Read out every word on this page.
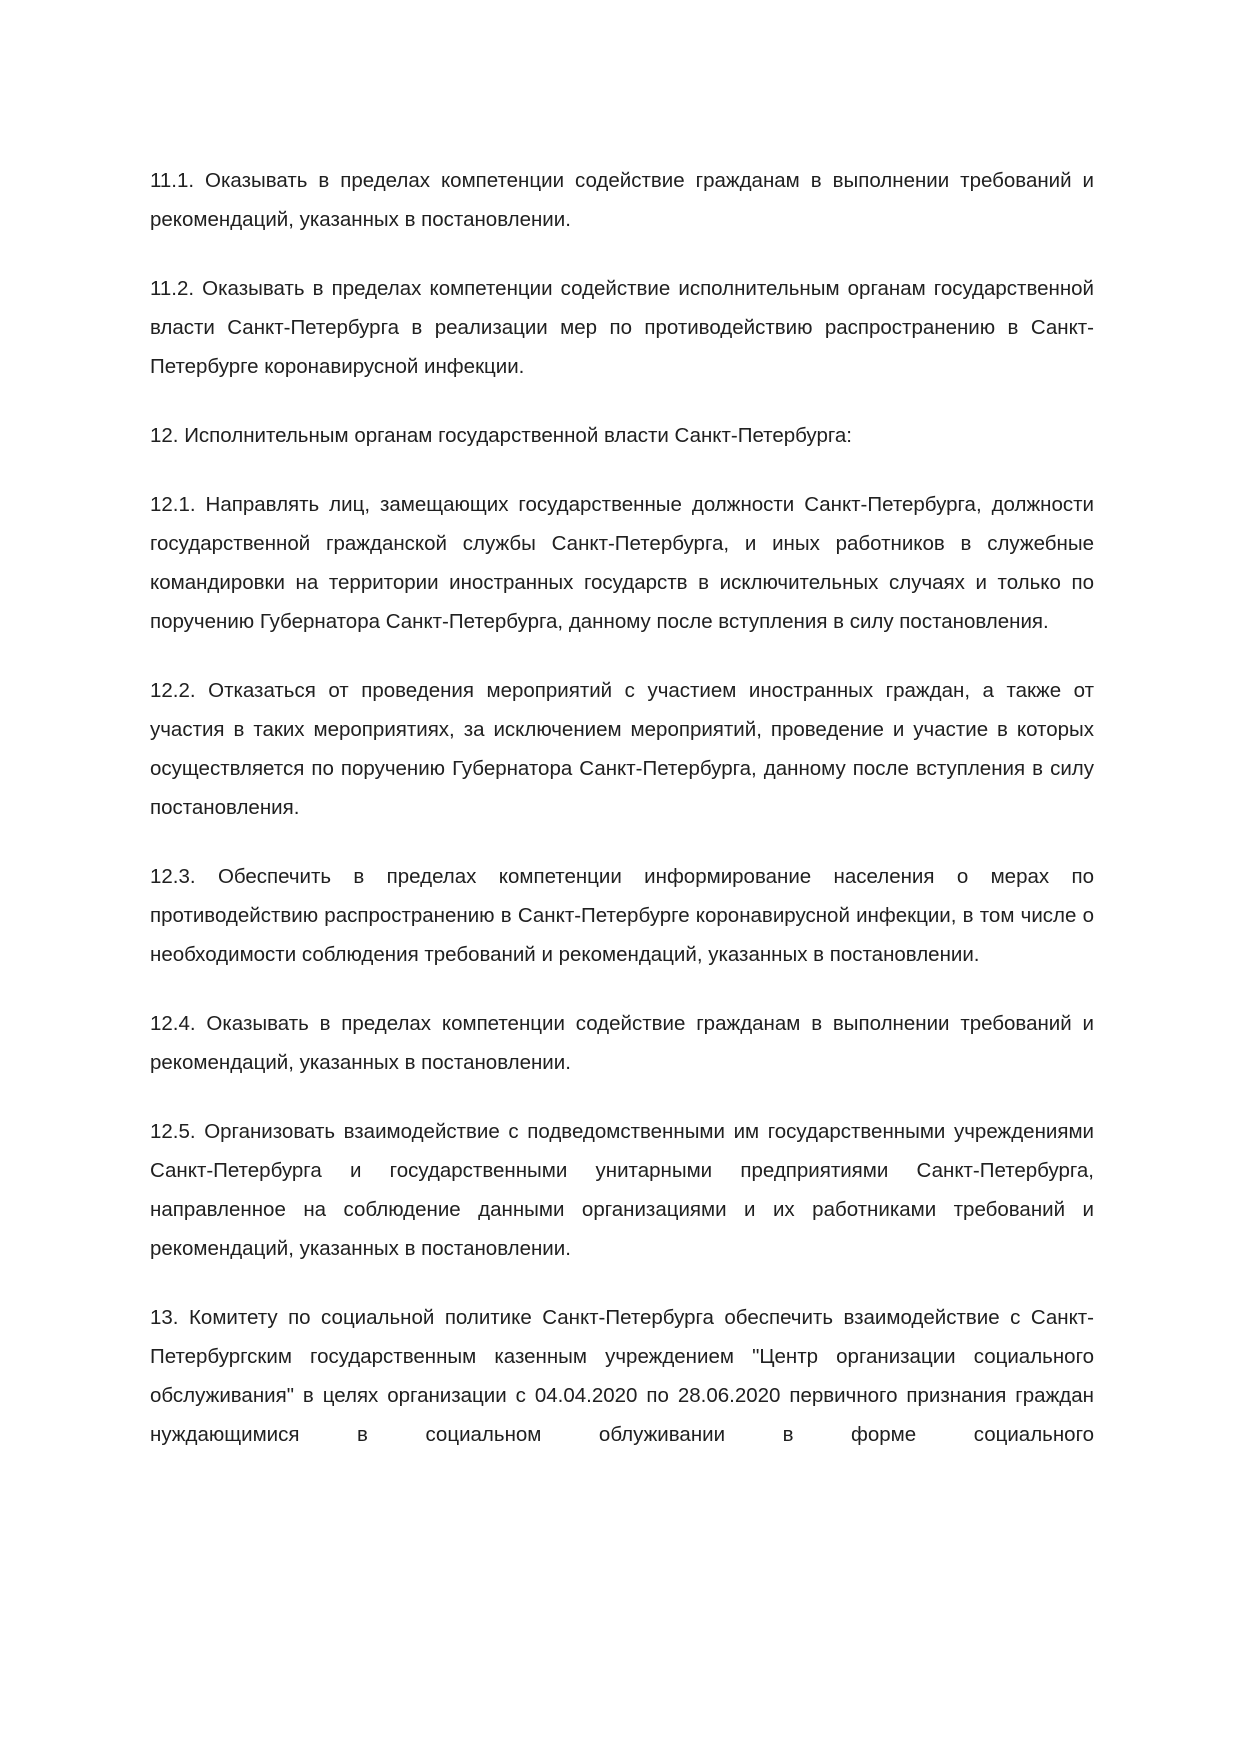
11.1. Оказывать в пределах компетенции содействие гражданам в выполнении требований и рекомендаций, указанных в постановлении.

11.2. Оказывать в пределах компетенции содействие исполнительным органам государственной власти Санкт-Петербурга в реализации мер по противодействию распространению в Санкт-Петербурге коронавирусной инфекции.

12. Исполнительным органам государственной власти Санкт-Петербурга:

12.1. Направлять лиц, замещающих государственные должности Санкт-Петербурга, должности государственной гражданской службы Санкт-Петербурга, и иных работников в служебные командировки на территории иностранных государств в исключительных случаях и только по поручению Губернатора Санкт-Петербурга, данному после вступления в силу постановления.

12.2. Отказаться от проведения мероприятий с участием иностранных граждан, а также от участия в таких мероприятиях, за исключением мероприятий, проведение и участие в которых осуществляется по поручению Губернатора Санкт-Петербурга, данному после вступления в силу постановления.

12.3. Обеспечить в пределах компетенции информирование населения о мерах по противодействию распространению в Санкт-Петербурге коронавирусной инфекции, в том числе о необходимости соблюдения требований и рекомендаций, указанных в постановлении.

12.4. Оказывать в пределах компетенции содействие гражданам в выполнении требований и рекомендаций, указанных в постановлении.

12.5. Организовать взаимодействие с подведомственными им государственными учреждениями Санкт-Петербурга и государственными унитарными предприятиями Санкт-Петербурга, направленное на соблюдение данными организациями и их работниками требований и рекомендаций, указанных в постановлении.

13. Комитету по социальной политике Санкт-Петербурга обеспечить взаимодействие с Санкт-Петербургским государственным казенным учреждением "Центр организации социального обслуживания" в целях организации с 04.04.2020 по 28.06.2020 первичного признания граждан нуждающимися в социальном облуживании в форме социального
